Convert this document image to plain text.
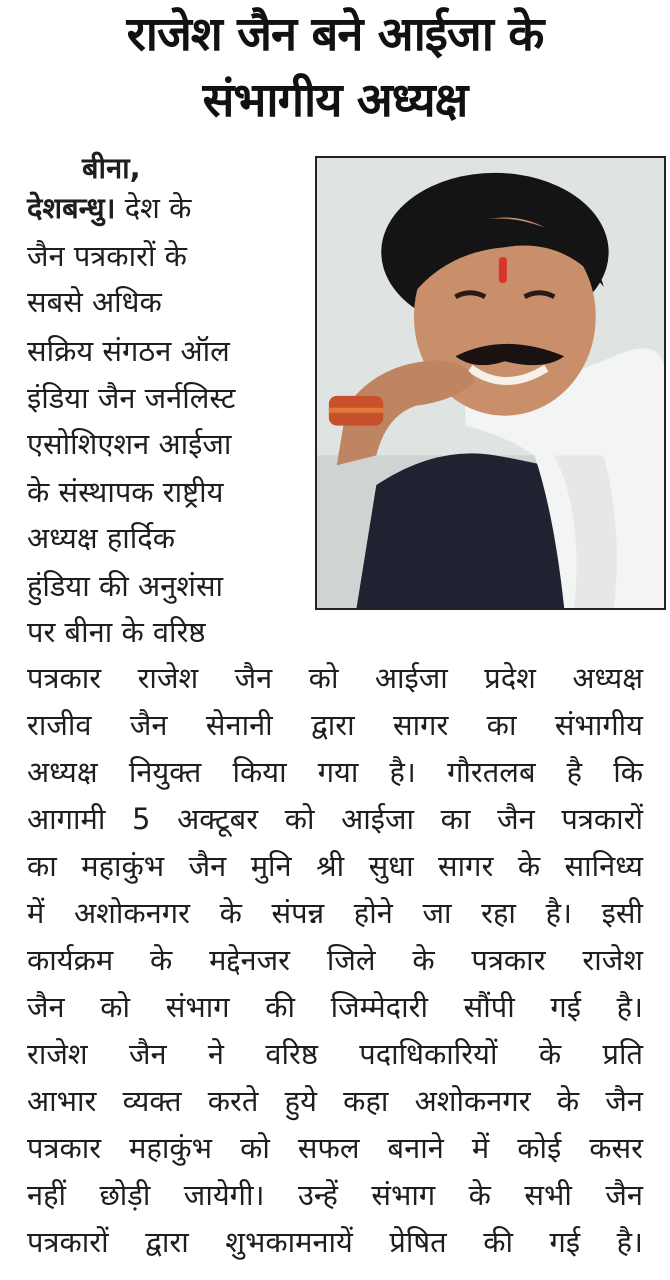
राजेश जैन बने आईजा के
संभागीय अध्यक्ष
बीना,
देशबन्धु। देश के
जैन पत्रकारों के
सबसे अधिक
सक्रिय संगठन ऑल
इंडिया जैन जर्नलिस्ट
एसोशिएशन आईजा
के संस्थापक राष्ट्रीय
अध्यक्ष हार्दिक
हुंडिया की अनुशंसा
पर बीना के वरिष्ठ
पत्रकार राजेश जैन को आईजा प्रदेश अध्यक्ष
राजीव जैन सेनानी द्वारा सागर का संभागीय
अध्यक्ष नियुक्त किया गया है। गौरतलब है कि
आगामी 5 अक्टूबर को आईजा का जैन पत्रकारों
का महाकुंभ जैन मुनि श्री सुधा सागर के सानिध्य
में अशोकनगर के संपन्न होने जा रहा है। इसी
कार्यक्रम के मद्देनजर जिले के पत्रकार राजेश
जैन को संभाग की जिम्मेदारी सौंपी गई है।
राजेश जैन ने वरिष्ठ पदाधिकारियों के प्रति
आभार व्यक्त करते हुये कहा अशोकनगर के जैन
पत्रकार महाकुंभ को सफल बनाने में कोई कसर
नहीं छोड़ी जायेगी। उन्हें संभाग के सभी जैन
पत्रकारों द्वारा शुभकामनायें प्रेषित की गई है।
